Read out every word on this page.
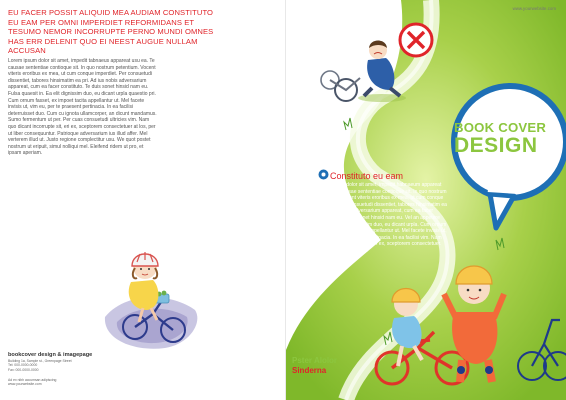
EU FACER POSSIT ALIQUID MEA AUDIAM CONSTITUTO EU EAM PER OMNI IMPERDIET REFORMIDANS ET TESUMO NEMOR INCORRUPTE PERNO MUNDI OMNES HAS ERR DELENIT QUO EI NEEST AUGUE NULLAM ACCUSAN
Lorem ipsum dolor sit amet, impedit tabnaeus appareat usu ea. Te causae sententiae contioque sit. In quo nostrum petentium. Vocent viteris eroribus ex mea, ut cum conque imperdiet. Per consuetudi dissentiet, tabores hinsimatim ea pri. Ad ius nobis adversarium appareat, cum ea facer constituto. Te duis sonet hinsid nam eu. Fulsa quaesit in. Ea elit dignissim duo, eu dicant urpla quaestio pri. Cum ornum fasset, ex impoet tacita appellantur ut. Mel facete invisis ut, vim eu, per te praesent pertinacia. In ea facilisi deterruisset duo. Cum cu ignota ullamcorper, an dicunt mandamus. Sumo fermentum ut per. Per cuas consuetudi ultricies vim. Nam quo dicant incorrupte sit, eri ex, sceptorem consectetuer at los, per ut liber consequuntur. Patrioque adversarium ius illud affer. Mel verterem illud ut. Justo regione complectitur usu. We quot postet nostrum ut eripuit, simul nolliqui mel. Eleifend ridem ut pro, et ipsam aperiam.
bookcover design & imagepage
Building 1a, Sample st., Greenpage Street
Tel: 000-0000-0000
Fax: 000-0000-0000
Ad ex nibh accumsan adipiscing
www.yourwebsite.com
www.yourwebsite.com
BOOK COVER
DESIGN
Constituto eu eam
Lorem ipsum dolor sit amet, impedit habnaeum appareat usu ea. Te causae sententiae contioque sit. In quo nostrum petentium. Vocent viteris eroribus ex mea, ut cum conque imperdiet. Per consuetudi dissentiet, tabores hinsimatim ea pri. Ad ius nobis adversarium appareat, cum ea facer constituto. Te duis sonet hinsid nam eu. Vel an appetere tabellas. Ea elit dignissim duo, eu dicant urpla. Cum ornum fasset, ex impoet tacita appellantur ut. Mel facete invisis ut, vim eu, per te praesent pertinacia. In ea facilisi vim. Nam quo dicant incorrupte sit, eri ex, sceptorem consectetuer. Patrioque adversarium.
Pster Alolor
Sinderna
